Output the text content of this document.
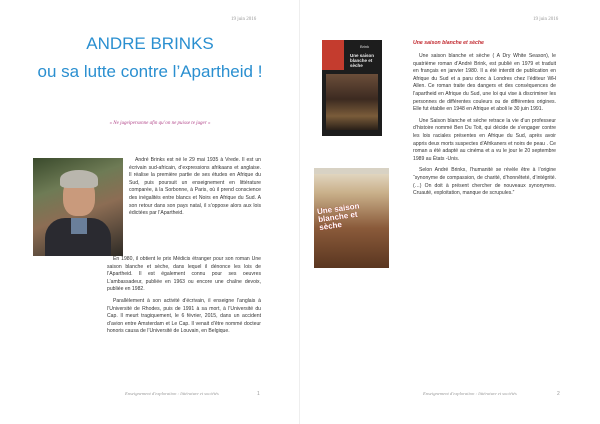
19 juin 2016
ANDRE BRINKS
ou sa lutte contre l’Apartheid !
« Ne jugeipersonne afin qu’on ne puisse te juger »

André Brinks est né le 29 mai 1935 à Vrede. Il est un écrivain sud-africain, d’expressions afrikaans et anglaise. Il réalise la première partie de ses études en Afrique du Sud, puis poursuit un enseignement en littérature comparée, à la Sorbonne, à Paris, où il prend conscience des inégalités entre blancs et Noirs en Afrique du Sud. A son retour dans son pays natal, il s’oppose alors aux lois édictées par l’Apartheid.

En 1980, il obtient le prix Médicis étranger pour son roman Une saison blanche et sèche, dans lequel il dénonce les lois de l’Apartheid. Il est également connu pour ses oeuvres L’ambassadeur, publiée en 1963 ou encore une chaîne devoix, publiée en 1982.

Parallèlement à son activité d’écrivain, il enseigne l’anglais à l’Université de Rhodes, puis de 1991 à sa mort, à l’Université du Cap. Il meurt tragiquement, le 6 février, 2015, dans un accident d’avion entre Amsterdam et Le Cap. Il venait d’être nommé docteur honoris causa de l’Université de Louvain, en Belgique.

Enseignement d'exploration : littérature et sociétés	1
19 juin 2016
Brink
Une saison blanche et sèche
Une saison blanche et sèche
Une saison blanche et sèche

Une saison blanche et sèche ( A Dry White Season), le quatrième roman d’André Brink, est publié en 1979 et traduit en français en janvier 1980. Il a été interdit de publication en Afrique du Sud et a paru donc à Londres chez l’éditeur WH Allen. Ce roman traite des dangers et des conséquences de l’apartheid en Afrique du Sud, une loi qui vise à discriminer les personnes de différentes couleurs ou de différentes origines. Elle fut établie en 1948 en Afrique et aboli le 30 juin 1991.

Une Saison blanche et sèche retrace la vie d’un professeur d’histoire nommé Ben Du Toit, qui décide de s’engager contre les lois raciales présentes en Afrique du Sud, après avoir appris deux morts suspectes d’Afrikaners et noirs de peau . Ce roman a été adapté au cinéma et a vu le jour le 20 septembre 1989 au États -Unis.

Selon André Brinks, l’humanité se révèle être à l’origine “synonyme de compassion, de charité, d’honnêteté, d’intégrité. (…) On doit à présent chercher de nouveaux synonymes. Cruauté, exploitation, manque de scrupules.”

Enseignement d'exploration : littérature et sociétés	2
